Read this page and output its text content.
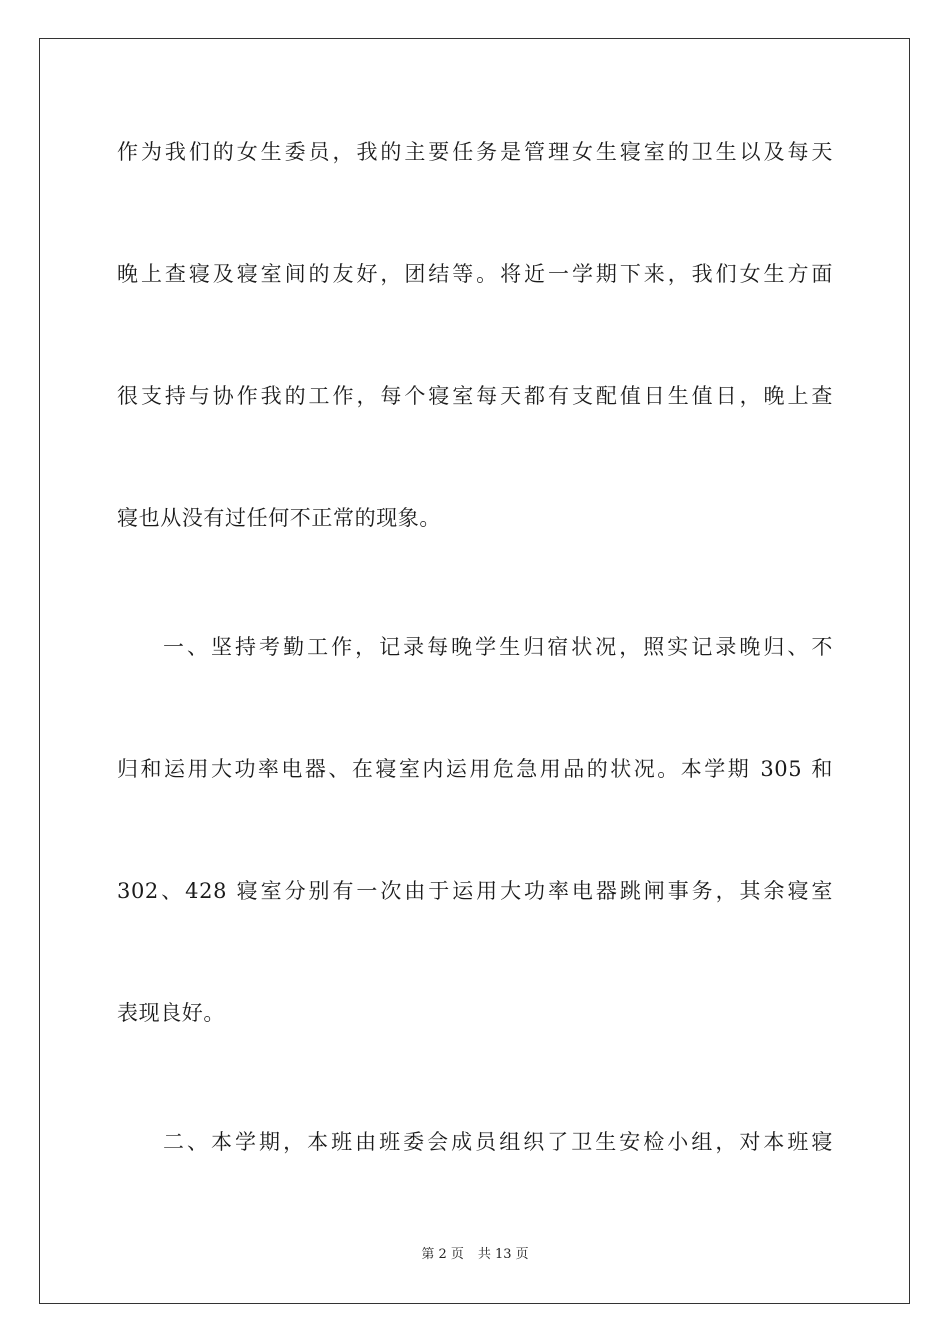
作为我们的女生委员，我的主要任务是管理女生寝室的卫生以及每天
晚上查寝及寝室间的友好，团结等。将近一学期下来，我们女生方面
很支持与协作我的工作，每个寝室每天都有支配值日生值日，晚上查
寝也从没有过任何不正常的现象。
一、坚持考勤工作，记录每晚学生归宿状况，照实记录晚归、不
归和运用大功率电器、在寝室内运用危急用品的状况。本学期 305 和
302、428 寝室分别有一次由于运用大功率电器跳闸事务，其余寝室
表现良好。
二、本学期，本班由班委会成员组织了卫生安检小组，对本班寝
第 2 页 共 13 页
